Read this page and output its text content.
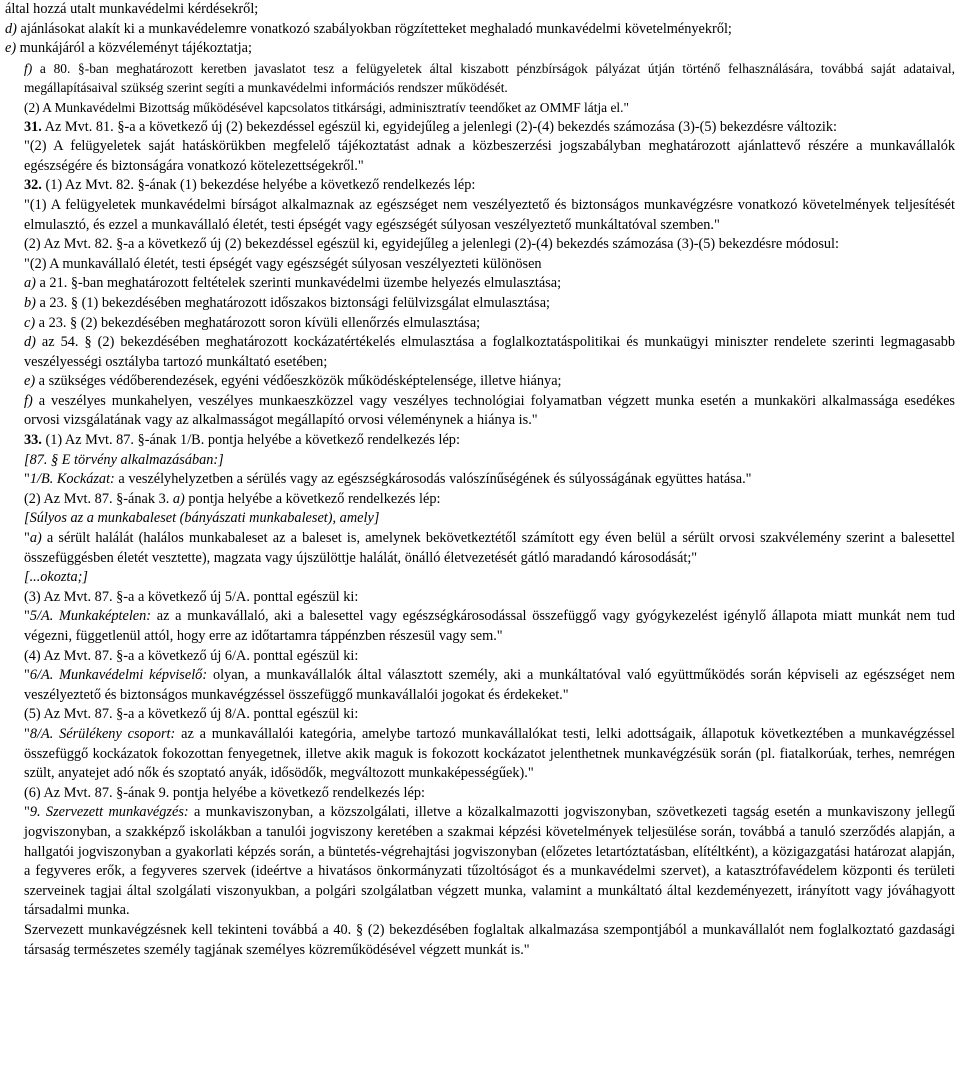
által hozzá utalt munkavédelmi kérdésekről;

d) ajánlásokat alakít ki a munkavédelemre vonatkozó szabályokban rögzítetteket meghaladó munkavédelmi követelményekről;

e) munkájáról a közvéleményt tájékoztatja;

f) a 80. §-ban meghatározott keretben javaslatot tesz a felügyeletek által kiszabott pénzbírságok pályázat útján történő felhasználására, továbbá saját adataival, megállapításaival szükség szerint segíti a munkavédelmi információs rendszer működését.

(2) A Munkavédelmi Bizottság működésével kapcsolatos titkársági, adminisztratív teendőket az OMMF látja el."

31. Az Mvt. 81. §-a a következő új (2) bekezdéssel egészül ki, egyidejűleg a jelenlegi (2)-(4) bekezdés számozása (3)-(5) bekezdésre változik:

"(2) A felügyeletek saját hatáskörükben megfelelő tájékoztatást adnak a közbeszerzési jogszabályban meghatározott ajánlattevő részére a munkavállalók egészségére és biztonságára vonatkozó kötelezettségekről."

32. (1) Az Mvt. 82. §-ának (1) bekezdése helyébe a következő rendelkezés lép:

"(1) A felügyeletek munkavédelmi bírságot alkalmaznak az egészséget nem veszélyeztető és biztonságos munkavégzésre vonatkozó követelmények teljesítését elmulasztó, és ezzel a munkavállaló életét, testi épségét vagy egészségét súlyosan veszélyeztető munkáltatóval szemben."

(2) Az Mvt. 82. §-a a következő új (2) bekezdéssel egészül ki, egyidejűleg a jelenlegi (2)-(4) bekezdés számozása (3)-(5) bekezdésre módosul:

"(2) A munkavállaló életét, testi épségét vagy egészségét súlyosan veszélyezteti különösen

a) a 21. §-ban meghatározott feltételek szerinti munkavédelmi üzembe helyezés elmulasztása;

b) a 23. § (1) bekezdésében meghatározott időszakos biztonsági felülvizsgálat elmulasztása;

c) a 23. § (2) bekezdésében meghatározott soron kívüli ellenőrzés elmulasztása;

d) az 54. § (2) bekezdésében meghatározott kockázatértékelés elmulasztása a foglalkoztatáspolitikai és munkaügyi miniszter rendelete szerinti legmagasabb veszélyességi osztályba tartozó munkáltató esetében;

e) a szükséges védőberendezések, egyéni védőeszközök működésképtelensége, illetve hiánya;

f) a veszélyes munkahelyen, veszélyes munkaeszközzel vagy veszélyes technológiai folyamatban végzett munka esetén a munkaköri alkalmassága esedékes orvosi vizsgálatának vagy az alkalmasságot megállapító orvosi véleménynek a hiánya is."

33. (1) Az Mvt. 87. §-ának 1/B. pontja helyébe a következő rendelkezés lép:

[87. § E törvény alkalmazásában:]

"1/B. Kockázat: a veszélyhelyzetben a sérülés vagy az egészségkárosodás valószínűségének és súlyosságának együttes hatása."

(2) Az Mvt. 87. §-ának 3. a) pontja helyébe a következő rendelkezés lép:

[Súlyos az a munkabaleset (bányászati munkabaleset), amely]

"a) a sérült halálát (halálos munkabaleset az a baleset is, amelynek bekövetkeztétől számított egy éven belül a sérült orvosi szakvélemény szerint a balesettel összefüggésben életét vesztette), magzata vagy újszülöttje halálát, önálló életvezetését gátló maradandó károsodását;"

[...okozta;]

(3) Az Mvt. 87. §-a a következő új 5/A. ponttal egészül ki:

"5/A. Munkaképtelen: az a munkavállaló, aki a balesettel vagy egészségkárosodással összefüggő vagy gyógykezelést igénylő állapota miatt munkát nem tud végezni, függetlenül attól, hogy erre az időtartamra táppénzben részesül vagy sem."

(4) Az Mvt. 87. §-a a következő új 6/A. ponttal egészül ki:

"6/A. Munkavédelmi képviselő: olyan, a munkavállalók által választott személy, aki a munkáltatóval való együttműködés során képviseli az egészséget nem veszélyeztető és biztonságos munkavégzéssel összefüggő munkavállalói jogokat és érdekeket."

(5) Az Mvt. 87. §-a a következő új 8/A. ponttal egészül ki:

"8/A. Sérülékeny csoport: az a munkavállalói kategória, amelybe tartozó munkavállalókat testi, lelki adottságaik, állapotuk következtében a munkavégzéssel összefüggő kockázatok fokozottan fenyegetnek, illetve akik maguk is fokozott kockázatot jelenthetnek munkavégzésük során (pl. fiatalkorúak, terhes, nemrégen szült, anyatejet adó nők és szoptató anyák, idősödők, megváltozott munkaképességűek)."

(6) Az Mvt. 87. §-ának 9. pontja helyébe a következő rendelkezés lép:

"9. Szervezett munkavégzés: a munkaviszonyban, a közszolgálati, illetve a közalkalmazotti jogviszonyban, szövetkezeti tagság esetén a munkaviszony jellegű jogviszonyban, a szakképző iskolákban a tanulói jogviszony keretében a szakmai képzési követelmények teljesülése során, továbbá a tanuló szerződés alapján, a hallgatói jogviszonyban a gyakorlati képzés során, a büntetés-végrehajtási jogviszonyban (előzetes letartóztatásban, elítéltként), a közigazgatási határozat alapján, a fegyveres erők, a fegyveres szervek (ideértve a hivatásos önkormányzati tűzoltóságot és a munkavédelmi szervet), a katasztrófavédelem központi és területi szerveinek tagjai által szolgálati viszonyukban, a polgári szolgálatban végzett munka, valamint a munkáltató által kezdeményezett, irányított vagy jóváhagyott társadalmi munka.

Szervezett munkavégzésnek kell tekinteni továbbá a 40. § (2) bekezdésében foglaltak alkalmazása szempontjából a munkavállalót nem foglalkoztató gazdasági társaság természetes személy tagjának személyes közreműködésével végzett munkát is."
